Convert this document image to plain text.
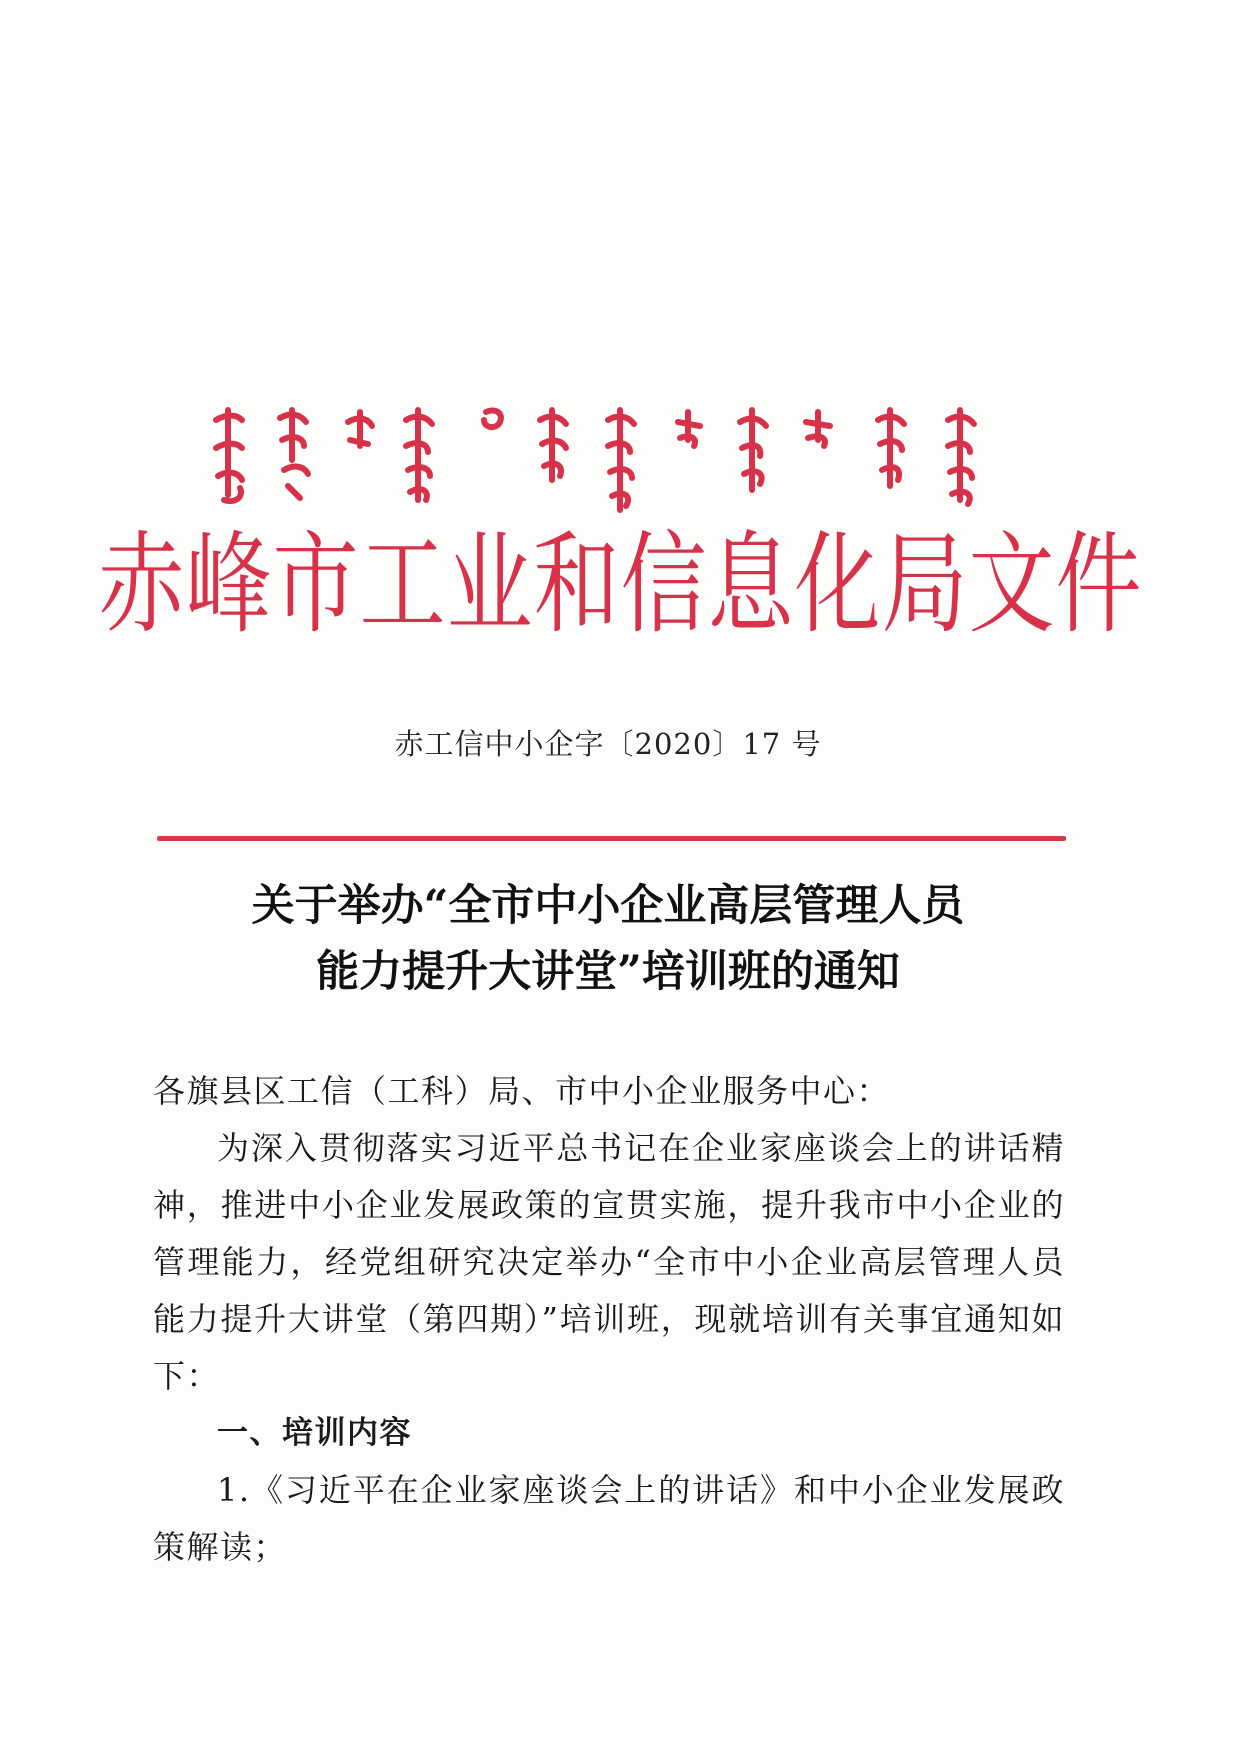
赤峰市工业和信息化局文件
赤工信中小企字〔2020〕17 号
关于举办“全市中小企业高层管理人员
能力提升大讲堂”培训班的通知

各旗县区工信（工科）局、市中小企业服务中心：

为深入贯彻落实习近平总书记在企业家座谈会上的讲话精神，推进中小企业发展政策的宣贯实施，提升我市中小企业的管理能力，经党组研究决定举办“全市中小企业高层管理人员能力提升大讲堂（第四期）”培训班，现就培训有关事宜通知如下：

一、培训内容

1.《习近平在企业家座谈会上的讲话》和中小企业发展政策解读；
